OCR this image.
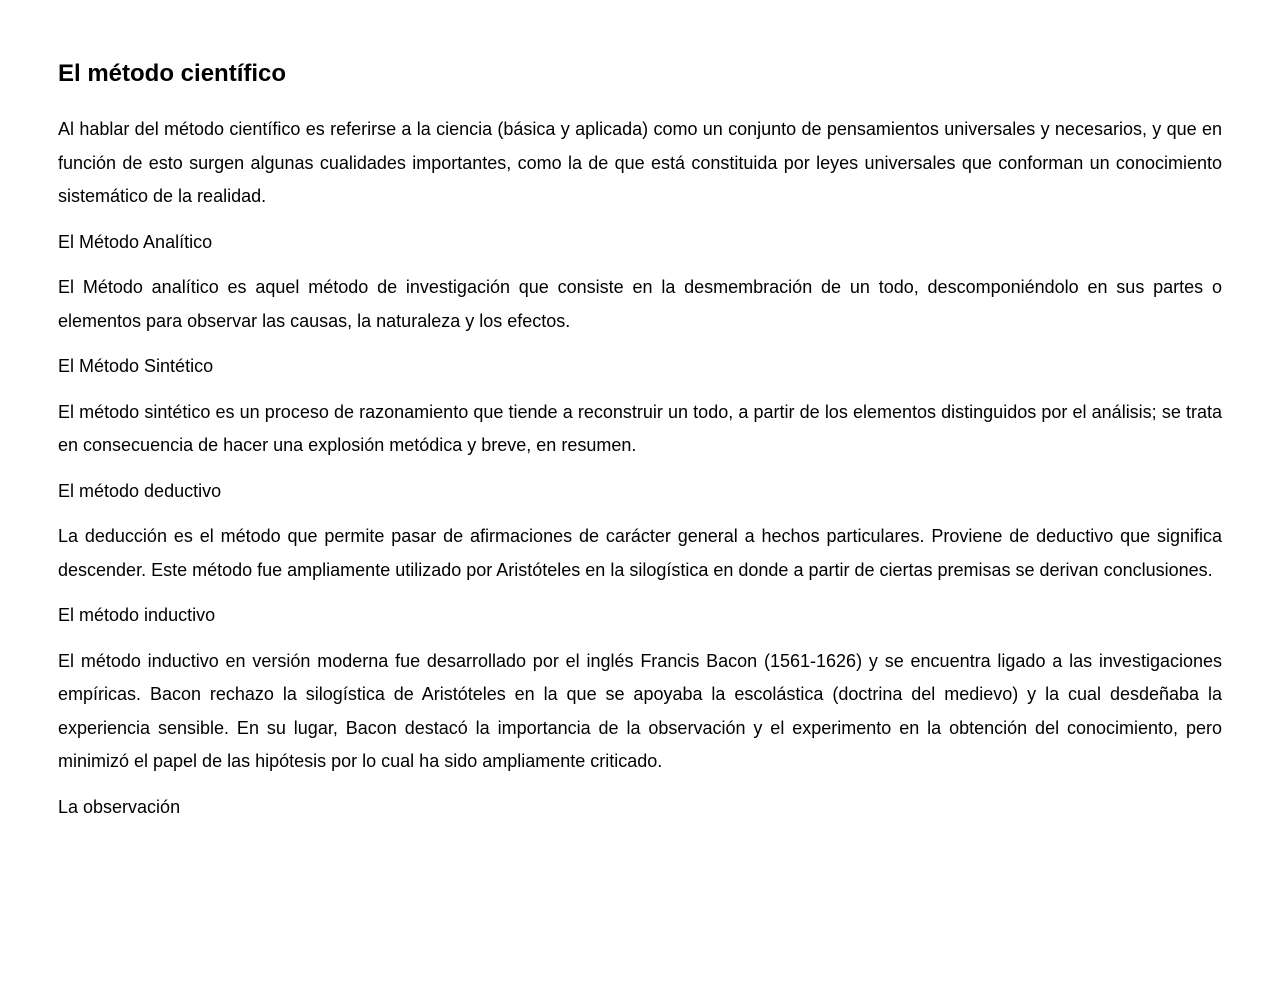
El método científico

Al hablar del método científico es referirse a la ciencia (básica y aplicada) como un conjunto de pensamientos universales y necesarios, y que en función de esto surgen algunas cualidades importantes, como la de que está constituida por leyes universales que conforman un conocimiento sistemático de la realidad.

El Método Analítico

El Método analítico es aquel método de investigación que consiste en la desmembración de un todo, descomponiéndolo en sus partes o elementos para observar las causas, la naturaleza y los efectos.

El Método Sintético

El método sintético es un proceso de razonamiento que tiende a reconstruir un todo, a partir de los elementos distinguidos por el análisis; se trata en consecuencia de hacer una explosión metódica y breve, en resumen.

El método deductivo

La deducción es el método que permite pasar de afirmaciones de carácter general a hechos particulares. Proviene de deductivo que significa descender. Este método fue ampliamente utilizado por Aristóteles en la silogística en donde a partir de ciertas premisas se derivan conclusiones.

El método inductivo

El método inductivo en versión moderna fue desarrollado por el inglés Francis Bacon (1561-1626) y se encuentra ligado a las investigaciones empíricas. Bacon rechazo la silogística de Aristóteles en la que se apoyaba la escolástica (doctrina del medievo) y la cual desdeñaba la experiencia sensible. En su lugar, Bacon destacó la importancia de la observación y el experimento en la obtención del conocimiento, pero minimizó el papel de las hipótesis por lo cual ha sido ampliamente criticado.

La observación
